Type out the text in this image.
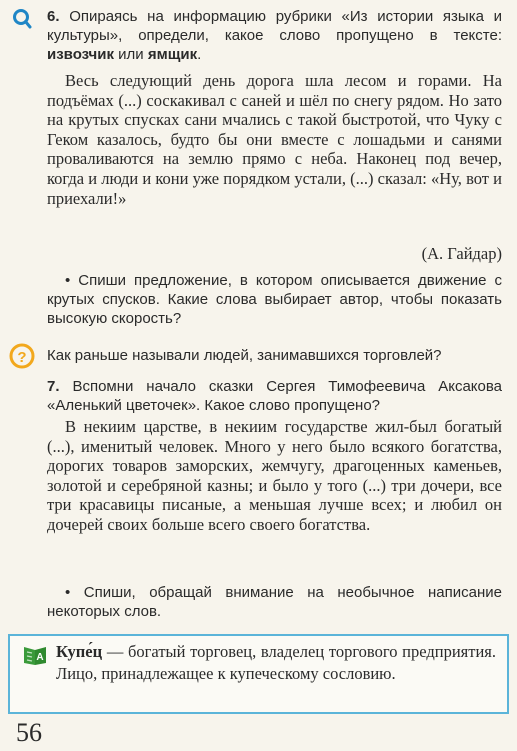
6. Опираясь на информацию рубрики «Из истории языка и культуры», определи, какое слово пропущено в тексте: извозчик или ямщик.
Весь следующий день дорога шла лесом и горами. На подъёмах (...) соскакивал с саней и шёл по снегу рядом. Но зато на крутых спусках сани мчались с такой быстротой, что Чуку с Геком казалось, будто бы они вместе с лошадьми и санями проваливаются на землю прямо с неба. Наконец под вечер, когда и люди и кони уже порядком устали, (...) сказал: «Ну, вот и приехали!»
(А. Гайдар)
• Спиши предложение, в котором описывается движение с крутых спусков. Какие слова выбирает автор, чтобы показать высокую скорость?
? Как раньше называли людей, занимавшихся торговлей?
7. Вспомни начало сказки Сергея Тимофеевича Аксакова «Аленький цветочек». Какое слово пропущено?
В некиим царстве, в некиим государстве жил-был богатый (...), именитый человек. Много у него было всякого богатства, дорогих товаров заморских, жемчугу, драгоценных каменьев, золотой и серебряной казны; и было у того (...) три дочери, все три красавицы писаные, а меньшая лучше всех; и любил он дочерей своих больше всего своего богатства.
• Спиши, обращай внимание на необычное написание некоторых слов.
A Купе́ц — богатый торговец, владелец торгового предприятия. Лицо, принадлежащее к купеческому сословию.
56
